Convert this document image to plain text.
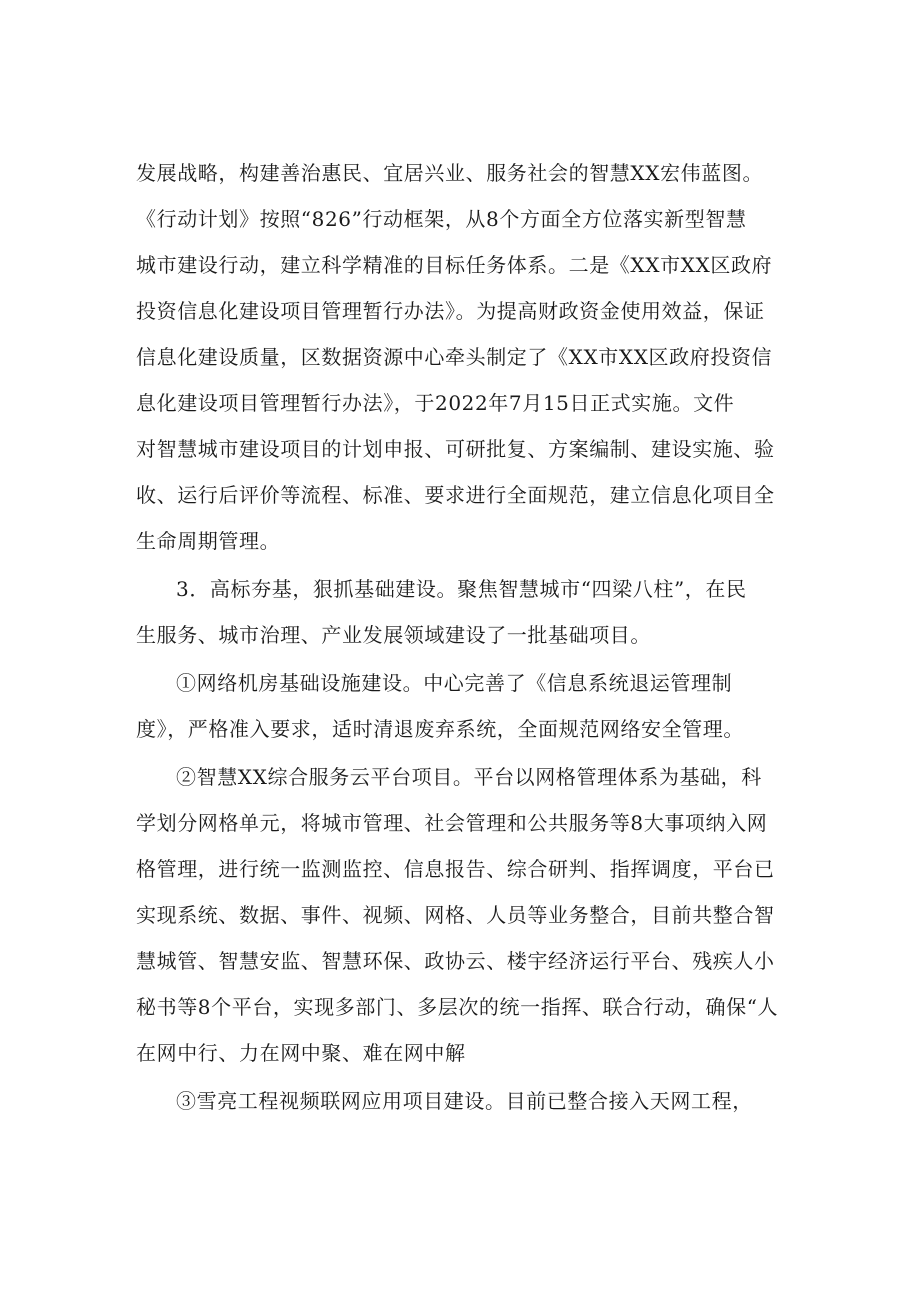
发展战略，构建善治惠民、宜居兴业、服务社会的智慧XX宏伟蓝图。
《行动计划》按照“826”行动框架，从8个方面全方位落实新型智慧
城市建设行动，建立科学精准的目标任务体系。二是《XX市XX区政府
投资信息化建设项目管理暂行办法》。为提高财政资金使用效益，保证
信息化建设质量，区数据资源中心牵头制定了《XX市XX区政府投资信
息化建设项目管理暂行办法》，于2022年7月15日正式实施。文件
对智慧城市建设项目的计划申报、可研批复、方案编制、建设实施、验
收、运行后评价等流程、标准、要求进行全面规范，建立信息化项目全
生命周期管理。
3．高标夯基，狠抓基础建设。聚焦智慧城市“四梁八柱”，在民
生服务、城市治理、产业发展领域建设了一批基础项目。
①网络机房基础设施建设。中心完善了《信息系统退运管理制
度》，严格准入要求，适时清退废弃系统，全面规范网络安全管理。
②智慧XX综合服务云平台项目。平台以网格管理体系为基础，科
学划分网格单元，将城市管理、社会管理和公共服务等8大事项纳入网
格管理，进行统一监测监控、信息报告、综合研判、指挥调度，平台已
实现系统、数据、事件、视频、网格、人员等业务整合，目前共整合智
慧城管、智慧安监、智慧环保、政协云、楼宇经济运行平台、残疾人小
秘书等8个平台，实现多部门、多层次的统一指挥、联合行动，确保“人
在网中行、力在网中聚、难在网中解
③雪亮工程视频联网应用项目建设。目前已整合接入天网工程，
